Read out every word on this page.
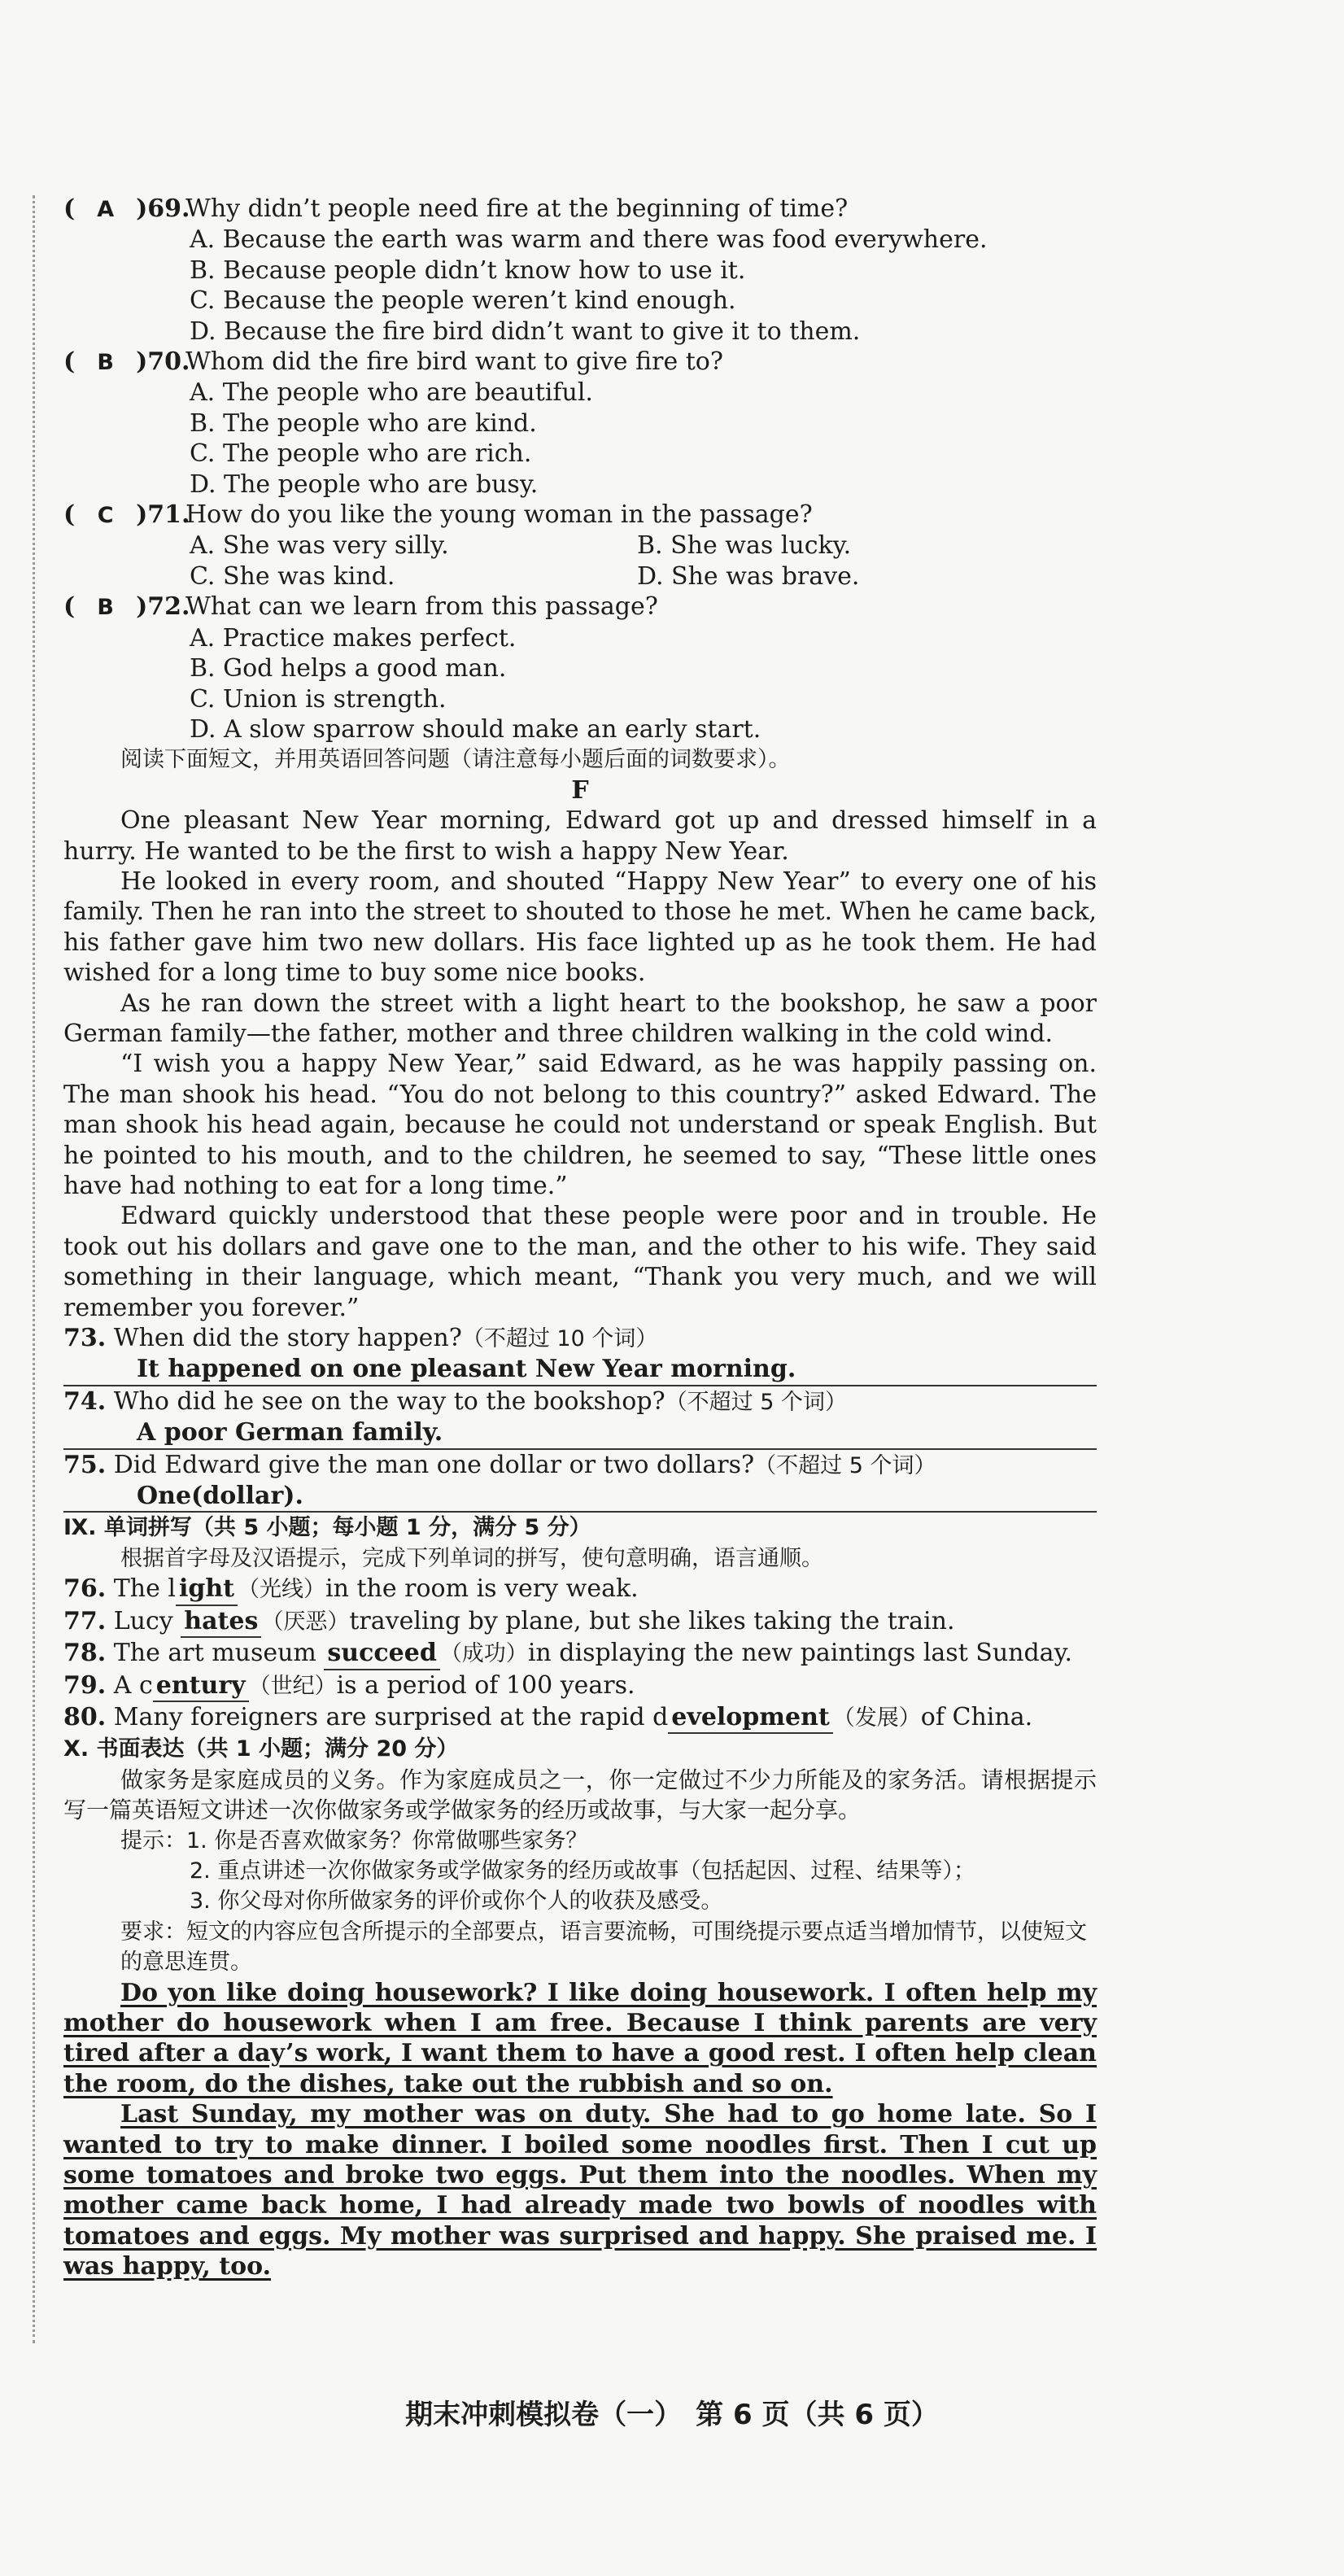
( A )69.Why didn’t people need fire at the beginning of time?
A. Because the earth was warm and there was food everywhere.
B. Because people didn’t know how to use it.
C. Because the people weren’t kind enough.
D. Because the fire bird didn’t want to give it to them.
( B )70.Whom did the fire bird want to give fire to?
A. The people who are beautiful.
B. The people who are kind.
C. The people who are rich.
D. The people who are busy.
( C )71.How do you like the young woman in the passage?
A. She was very silly.	B. She was lucky.
C. She was kind.	D. She was brave.
( B )72.What can we learn from this passage?
A. Practice makes perfect.
B. God helps a good man.
C. Union is strength.
D. A slow sparrow should make an early start.
阅读下面短文，并用英语回答问题（请注意每小题后面的词数要求）。
F

One pleasant New Year morning, Edward got up and dressed himself in a hurry. He wanted to be the first to wish a happy New Year.

He looked in every room, and shouted “Happy New Year” to every one of his family. Then he ran into the street to shouted to those he met. When he came back, his father gave him two new dollars. His face lighted up as he took them. He had wished for a long time to buy some nice books.

As he ran down the street with a light heart to the bookshop, he saw a poor German family—the father, mother and three children walking in the cold wind.

“I wish you a happy New Year,” said Edward, as he was happily passing on. The man shook his head. “You do not belong to this country?” asked Edward. The man shook his head again, because he could not understand or speak English. But he pointed to his mouth, and to the children, he seemed to say, “These little ones have had nothing to eat for a long time.”

Edward quickly understood that these people were poor and in trouble. He took out his dollars and gave one to the man, and the other to his wife. They said something in their language, which meant, “Thank you very much, and we will remember you forever.”

73. When did the story happen?（不超过 10 个词）
It happened on one pleasant New Year morning.
74. Who did he see on the way to the bookshop?（不超过 5 个词）
A poor German family.
75. Did Edward give the man one dollar or two dollars?（不超过 5 个词）
One(dollar).
Ⅸ. 单词拼写（共 5 小题；每小题 1 分，满分 5 分）
根据首字母及汉语提示，完成下列单词的拼写，使句意明确，语言通顺。
76. The l ight （光线）in the room is very weak.
77. Lucy hates （厌恶）traveling by plane, but she likes taking the train.
78. The art museum succeed （成功）in displaying the new paintings last Sunday.
79. A c entury （世纪）is a period of 100 years.
80. Many foreigners are surprised at the rapid d evelopment （发展）of China.
Ⅹ. 书面表达（共 1 小题；满分 20 分）
做家务是家庭成员的义务。作为家庭成员之一，你一定做过不少力所能及的家务活。请根据提示写一篇英语短文讲述一次你做家务或学做家务的经历或故事，与大家一起分享。
提示：1. 你是否喜欢做家务？你常做哪些家务？
2. 重点讲述一次你做家务或学做家务的经历或故事（包括起因、过程、结果等）；
3. 你父母对你所做家务的评价或你个人的收获及感受。
要求：短文的内容应包含所提示的全部要点，语言要流畅，可围绕提示要点适当增加情节，以使短文的意思连贯。
Do yon like doing housework? I like doing housework. I often help my mother do housework when I am free. Because I think parents are very tired after a day’s work, I want them to have a good rest. I often help clean the room, do the dishes, take out the rubbish and so on.
Last Sunday, my mother was on duty. She had to go home late. So I wanted to try to make dinner. I boiled some noodles first. Then I cut up some tomatoes and broke two eggs. Put them into the noodles. When my mother came back home, I had already made two bowls of noodles with tomatoes and eggs. My mother was surprised and happy. She praised me. I was happy, too.
期末冲刺模拟卷（一）　第 6 页（共 6 页）
